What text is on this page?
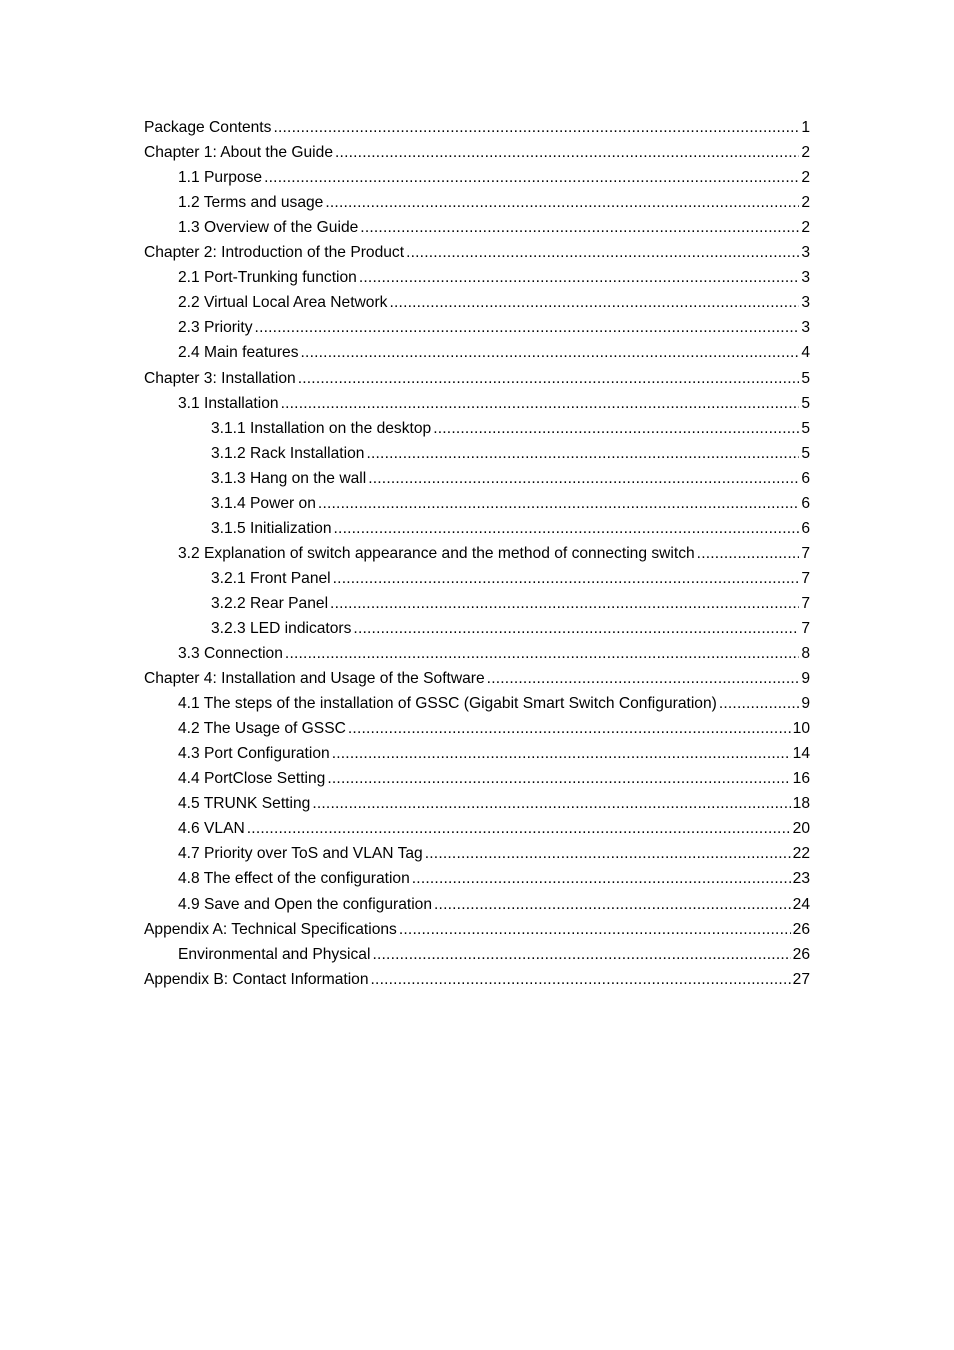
Package Contents .....	1
Chapter 1: About the Guide .....	2
1.1 Purpose .....	2
1.2 Terms and usage .....	2
1.3 Overview of the Guide .....	2
Chapter 2: Introduction of the Product .....	3
2.1 Port-Trunking function .....	3
2.2 Virtual Local Area Network .....	3
2.3 Priority .....	3
2.4 Main features .....	4
Chapter 3: Installation .....	5
3.1 Installation .....	5
3.1.1 Installation on the desktop .....	5
3.1.2 Rack Installation .....	5
3.1.3 Hang on the wall .....	6
3.1.4 Power on .....	6
3.1.5 Initialization .....	6
3.2 Explanation of switch appearance and the method of connecting switch .....	7
3.2.1 Front Panel .....	7
3.2.2 Rear Panel .....	7
3.2.3 LED indicators .....	7
3.3 Connection .....	8
Chapter 4: Installation and Usage of the Software .....	9
4.1 The steps of the installation of GSSC (Gigabit Smart Switch Configuration) .....	9
4.2 The Usage of GSSC .....	10
4.3 Port Configuration .....	14
4.4 PortClose Setting .....	16
4.5 TRUNK Setting .....	18
4.6 VLAN .....	20
4.7 Priority over ToS and VLAN Tag .....	22
4.8 The effect of the configuration .....	23
4.9 Save and Open the configuration .....	24
Appendix A: Technical Specifications .....	26
Environmental and Physical .....	26
Appendix B: Contact Information .....	27
